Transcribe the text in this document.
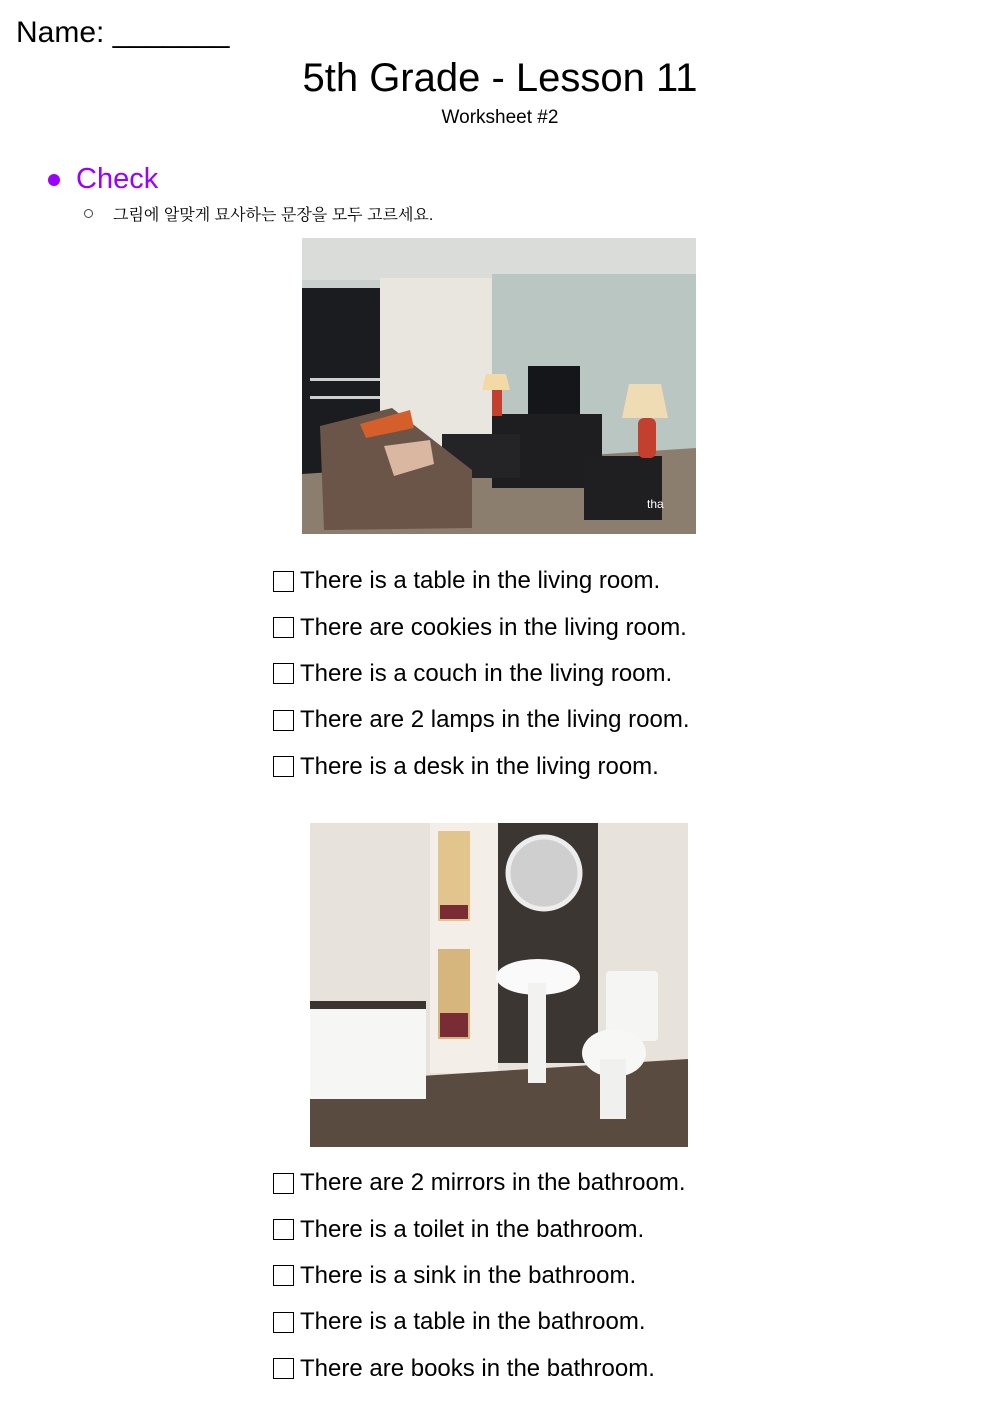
Name: _______
5th Grade - Lesson 11
Worksheet #2
Check
그림에 알맞게 묘사하는 문장을 모두 고르세요.
tha
There is a table in the living room.
There are cookies in the living room.
There is a couch in the living room.
There are 2 lamps in the living room.
There is a desk in the living room.
There are 2 mirrors in the bathroom.
There is a toilet in the bathroom.
There is a sink in the bathroom.
There is a table in the bathroom.
There are books in the bathroom.
